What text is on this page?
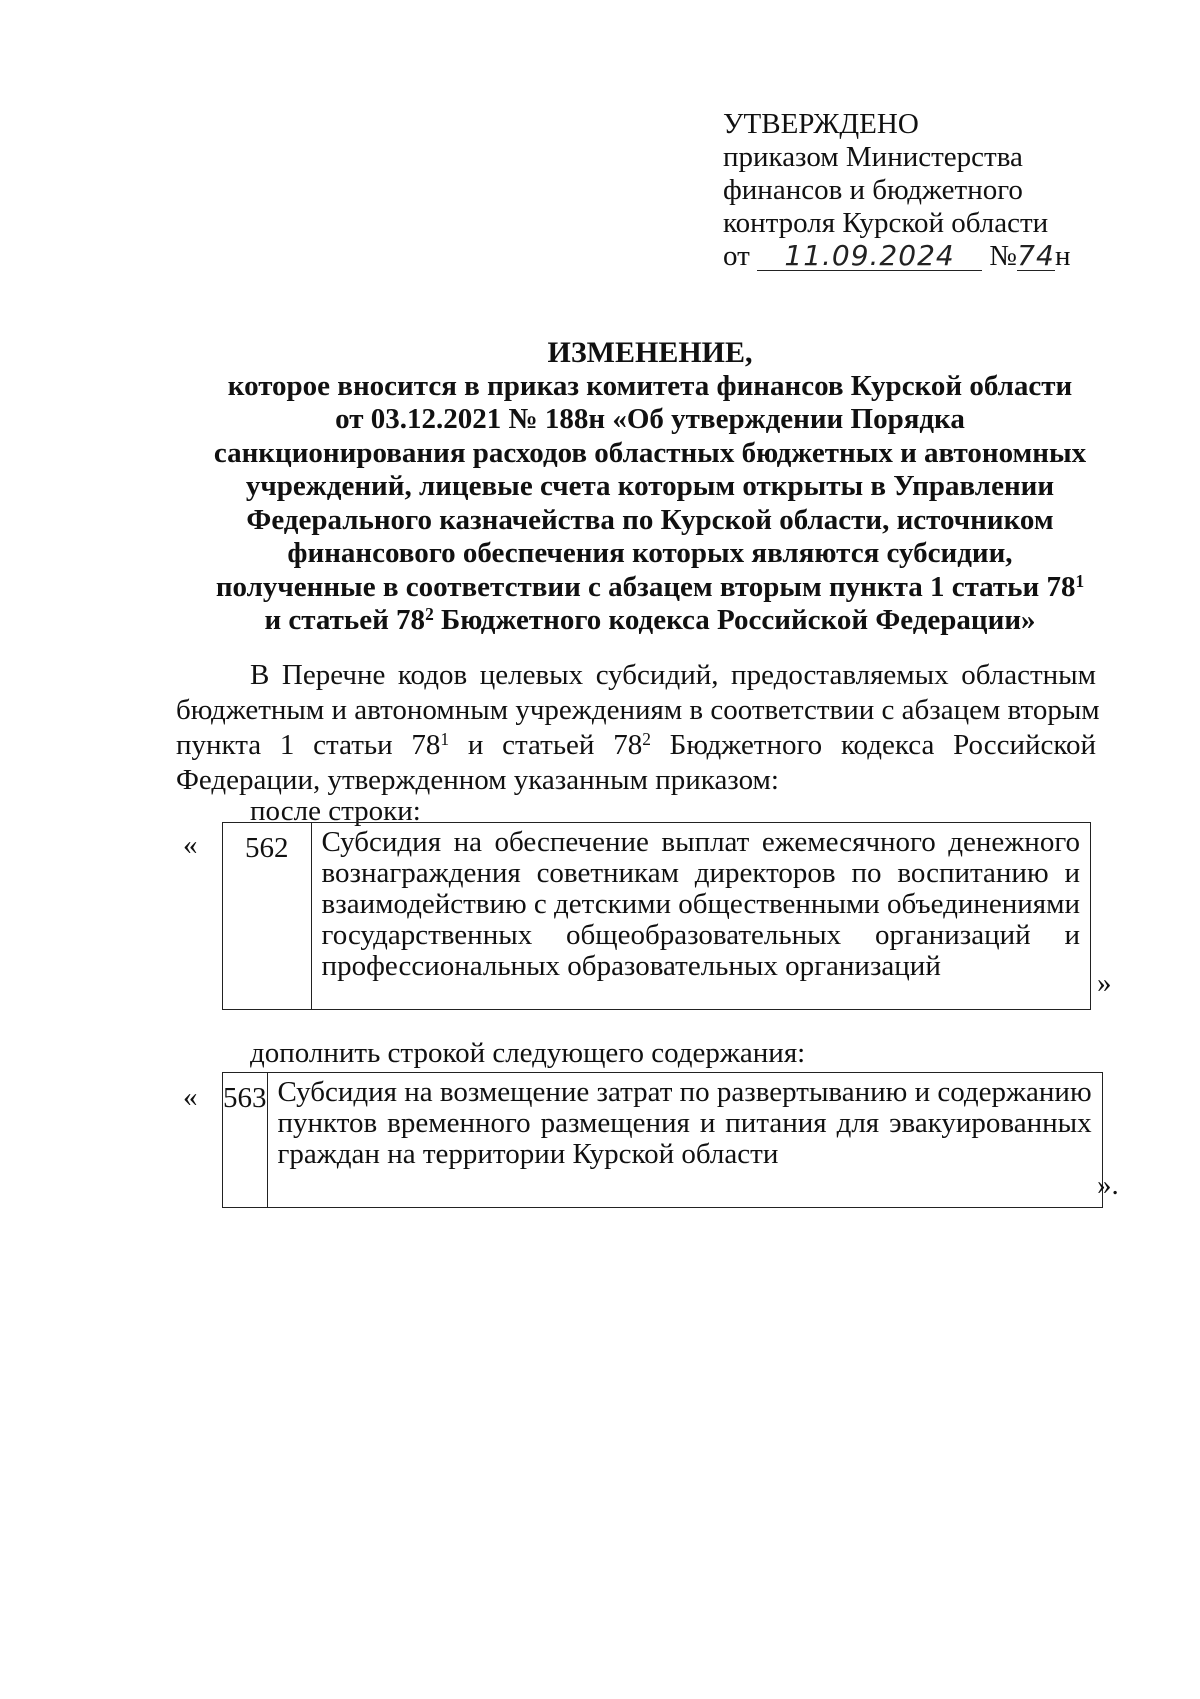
УТВЕРЖДЕНО
приказом Министерства
финансов и бюджетного
контроля Курской области
от 11.09.2024 №74н
ИЗМЕНЕНИЕ,
которое вносится в приказ комитета финансов Курской области
от 03.12.2021 № 188н «Об утверждении Порядка
санкционирования расходов областных бюджетных и автономных
учреждений, лицевые счета которым открыты в Управлении
Федерального казначейства по Курской области, источником
финансового обеспечения которых являются субсидии,
полученные в соответствии с абзацем вторым пункта 1 статьи $78^1$
и статьей $78^2$ Бюджетного кодекса Российской Федерации»
В Перечне кодов целевых субсидий, предоставляемых областным
бюджетным и автономным учреждениям в соответствии с абзацем вторым
пункта 1 статьи $78^1$ и статьей $78^2$ Бюджетного кодекса Российской
Федерации, утвержденном указанным приказом:
после строки:
«	562	Субсидия на обеспечение выплат ежемесячного денежного
вознаграждения советникам директоров по воспитанию и
взаимодействию с детскими общественными объединениями
государственных общеобразовательных организаций и
профессиональных образовательных организаций
»
дополнить строкой следующего содержания:
« 563	Субсидия на возмещение затрат по развертыванию и содержанию
пунктов временного размещения и питания для эвакуированных
граждан на территории Курской области
».
